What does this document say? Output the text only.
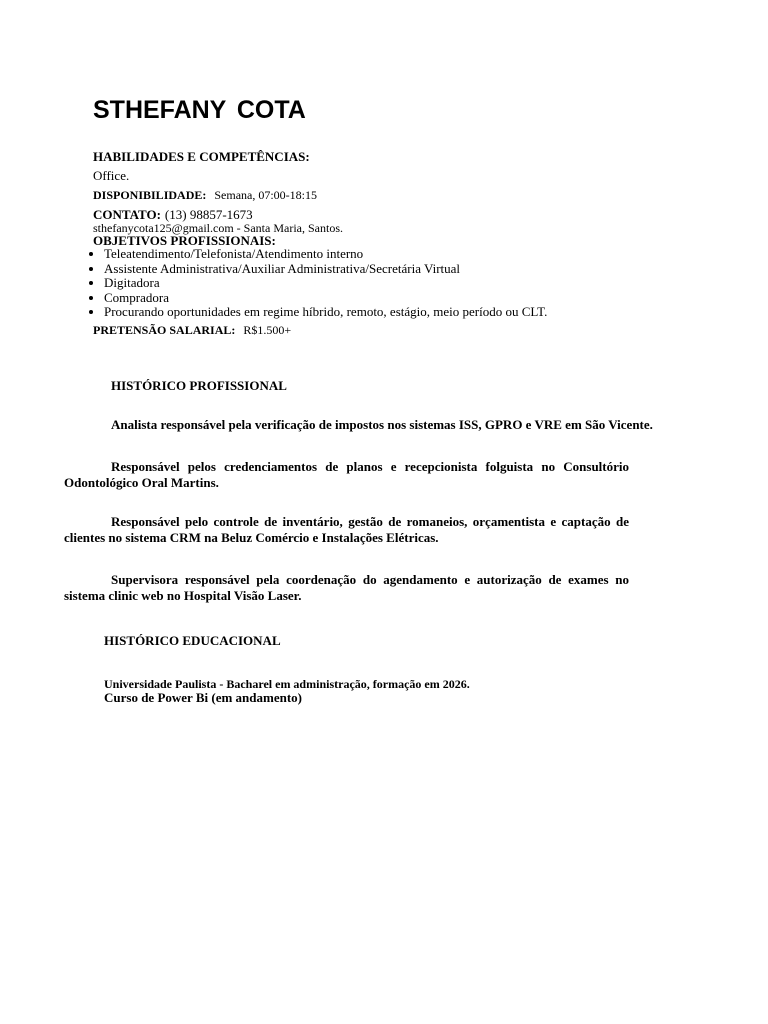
STHEFANY COTA
HABILIDADES E COMPETÊNCIAS:
Office.
DISPONIBILIDADE: Semana, 07:00-18:15
CONTATO: (13) 98857-1673
sthefanycota125@gmail.com - Santa Maria, Santos.
OBJETIVOS PROFISSIONAIS:
• Teleatendimento/Telefonista/Atendimento interno
• Assistente Administrativa/Auxiliar Administrativa/Secretária Virtual
• Digitadora
• Compradora
• Procurando oportunidades em regime híbrido, remoto, estágio, meio período ou CLT.
PRETENSÃO SALARIAL: R$1.500+
HISTÓRICO PROFISSIONAL
Analista responsável pela verificação de impostos nos sistemas ISS, GPRO e VRE em São Vicente.
Responsável pelos credenciamentos de planos e recepcionista folguista no Consultório Odontológico Oral Martins.
Responsável pelo controle de inventário, gestão de romaneios, orçamentista e captação de clientes no sistema CRM na Beluz Comércio e Instalações Elétricas.
Supervisora responsável pela coordenação do agendamento e autorização de exames no sistema clinic web no Hospital Visão Laser.
HISTÓRICO EDUCACIONAL
Universidade Paulista - Bacharel em administração, formação em 2026.
Curso de Power Bi (em andamento)
